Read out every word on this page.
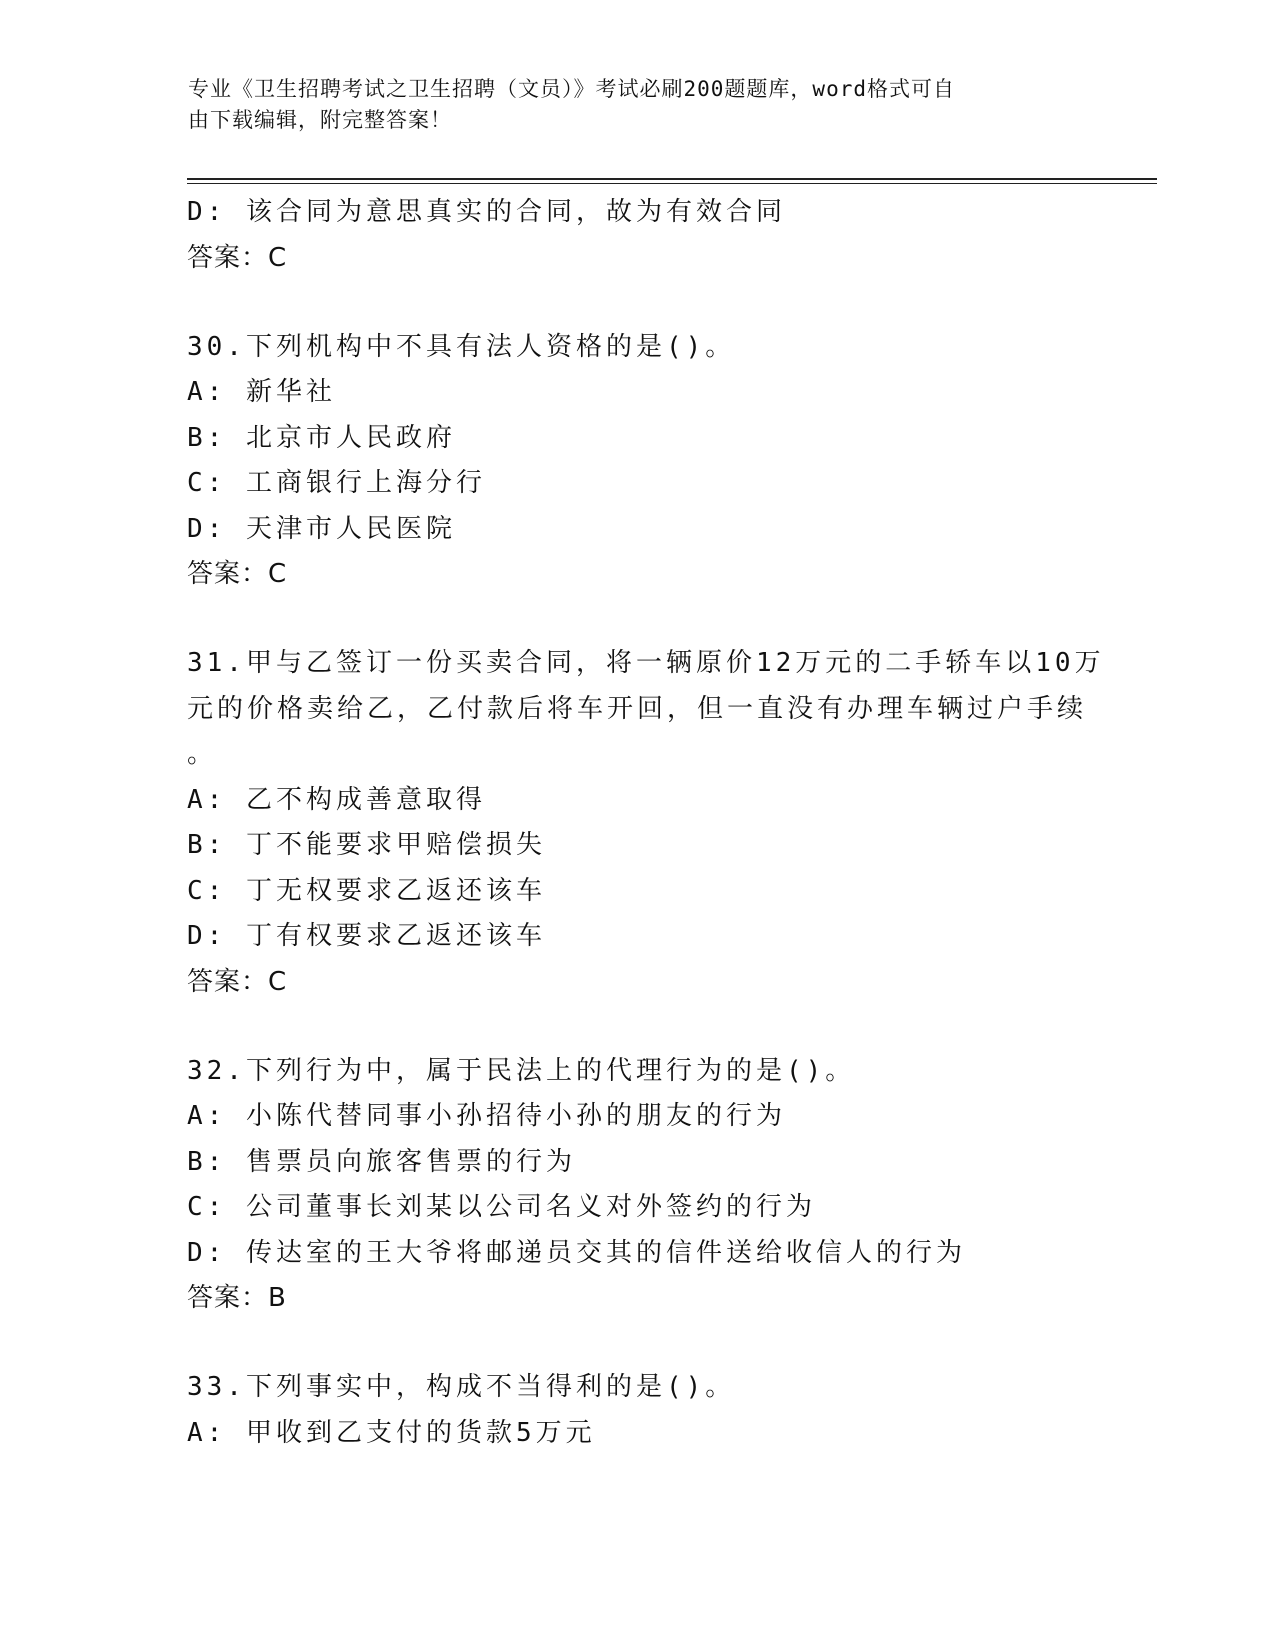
专业《卫生招聘考试之卫生招聘（文员）》考试必刷200题题库，word格式可自
由下载编辑，附完整答案！
D: 该合同为意思真实的合同，故为有效合同
答案：C
30.下列机构中不具有法人资格的是()。
A: 新华社
B: 北京市人民政府
C: 工商银行上海分行
D: 天津市人民医院
答案：C
31.甲与乙签订一份买卖合同，将一辆原价12万元的二手轿车以10万
元的价格卖给乙，乙付款后将车开回，但一直没有办理车辆过户手续
。
A: 乙不构成善意取得
B: 丁不能要求甲赔偿损失
C: 丁无权要求乙返还该车
D: 丁有权要求乙返还该车
答案：C
32.下列行为中，属于民法上的代理行为的是()。
A: 小陈代替同事小孙招待小孙的朋友的行为
B: 售票员向旅客售票的行为
C: 公司董事长刘某以公司名义对外签约的行为
D: 传达室的王大爷将邮递员交其的信件送给收信人的行为
答案：B
33.下列事实中，构成不当得利的是()。
A: 甲收到乙支付的货款5万元
